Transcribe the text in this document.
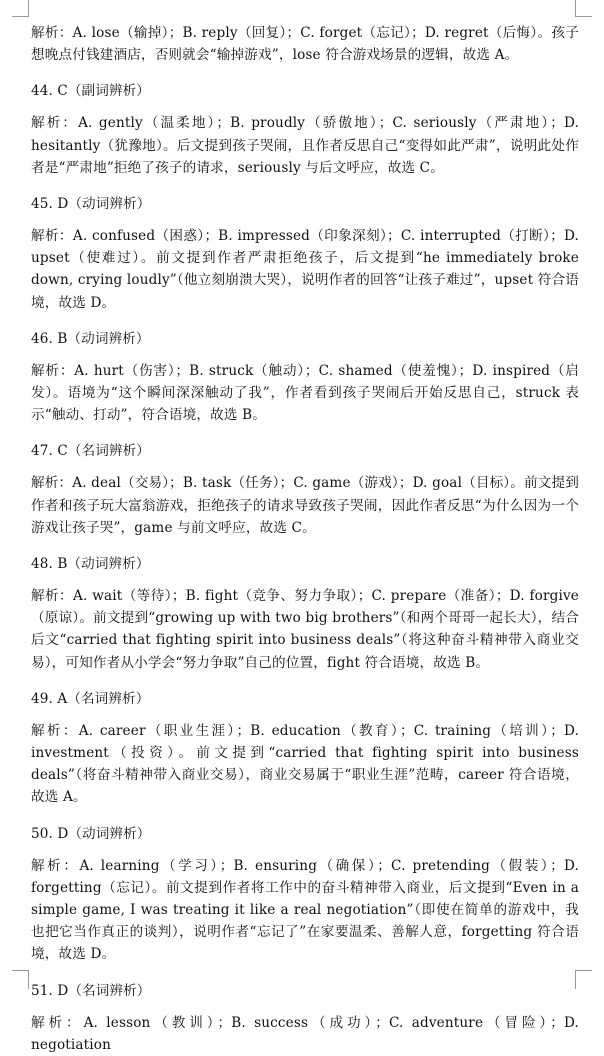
解析：A. lose（输掉）；B. reply（回复）；C. forget（忘记）；D. regret（后悔）。孩子想晚点付钱建酒店，否则就会“输掉游戏”，lose 符合游戏场景的逻辑，故选 A。

44. C（副词辨析）

解析：A. gently（温柔地）；B. proudly（骄傲地）；C. seriously（严肃地）；D. hesitantly（犹豫地）。后文提到孩子哭闹，且作者反思自己“变得如此严肃”，说明此处作者是“严肃地”拒绝了孩子的请求，seriously 与后文呼应，故选 C。

45. D（动词辨析）

解析：A. confused（困惑）；B. impressed（印象深刻）；C. interrupted（打断）；D. upset（使难过）。前文提到作者严肃拒绝孩子，后文提到“he immediately broke down, crying loudly”（他立刻崩溃大哭），说明作者的回答“让孩子难过”，upset 符合语境，故选 D。

46. B（动词辨析）

解析：A. hurt（伤害）；B. struck（触动）；C. shamed（使羞愧）；D. inspired（启发）。语境为“这个瞬间深深触动了我”，作者看到孩子哭闹后开始反思自己，struck 表示“触动、打动”，符合语境，故选 B。

47. C（名词辨析）

解析：A. deal（交易）；B. task（任务）；C. game（游戏）；D. goal（目标）。前文提到作者和孩子玩大富翁游戏，拒绝孩子的请求导致孩子哭闹，因此作者反思“为什么因为一个游戏让孩子哭”，game 与前文呼应，故选 C。

48. B（动词辨析）

解析：A. wait（等待）；B. fight（竞争、努力争取）；C. prepare（准备）；D. forgive（原谅）。前文提到“growing up with two big brothers”（和两个哥哥一起长大），结合后文“carried that fighting spirit into business deals”（将这种奋斗精神带入商业交易），可知作者从小学会“努力争取”自己的位置，fight 符合语境，故选 B。

49. A（名词辨析）

解析：A. career（职业生涯）；B. education（教育）；C. training（培训）；D. investment（投资）。前文提到“carried that fighting spirit into business deals”（将奋斗精神带入商业交易），商业交易属于“职业生涯”范畴，career 符合语境，故选 A。

50. D（动词辨析）

解析：A. learning（学习）；B. ensuring（确保）；C. pretending（假装）；D. forgetting（忘记）。前文提到作者将工作中的奋斗精神带入商业，后文提到“Even in a simple game, I was treating it like a real negotiation”（即使在简单的游戏中，我也把它当作真正的谈判），说明作者“忘记了”在家要温柔、善解人意，forgetting 符合语境，故选 D。

51. D（名词辨析）

解析：A. lesson（教训）；B. success（成功）；C. adventure（冒险）；D. negotiation
